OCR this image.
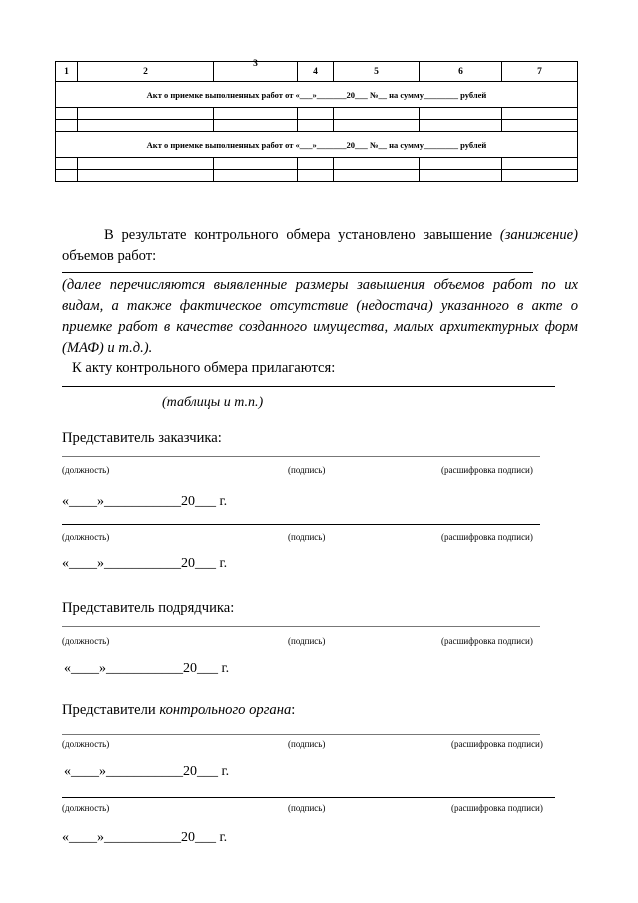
1	2	3	4	5	6	7
Акт о приемке выполненных работ от «___»_______20___ №__ на сумму________ рублей						

Акт о приемке выполненных работ от «___»_______20___ №__ на сумму________ рублей						

В результате контрольного обмера установлено завышение (занижение)
объемов работ:
(далее перечисляются выявленные размеры завышения объемов работ по их видам, а также фактическое отсутствие (недостача) указанного в акте о приемке работ в качестве созданного имущества, малых архитектурных форм (МАФ) и т.д.).
К акту контрольного обмера прилагаются:
(таблицы и т.п.)
Представитель заказчика:
(должность)	(подпись)	(расшифровка подписи)
«____»___________20___ г.
(должность)	(подпись)	(расшифровка подписи)
«____»___________20___ г.
Представитель подрядчика:
(должность)	(подпись)	(расшифровка подписи)
«____»___________20___ г.
Представители контрольного органа:
(должность)	(подпись)	(расшифровка подписи)
«____»___________20___ г.
(должность)	(подпись)	(расшифровка подписи)
«____»___________20___ г.
